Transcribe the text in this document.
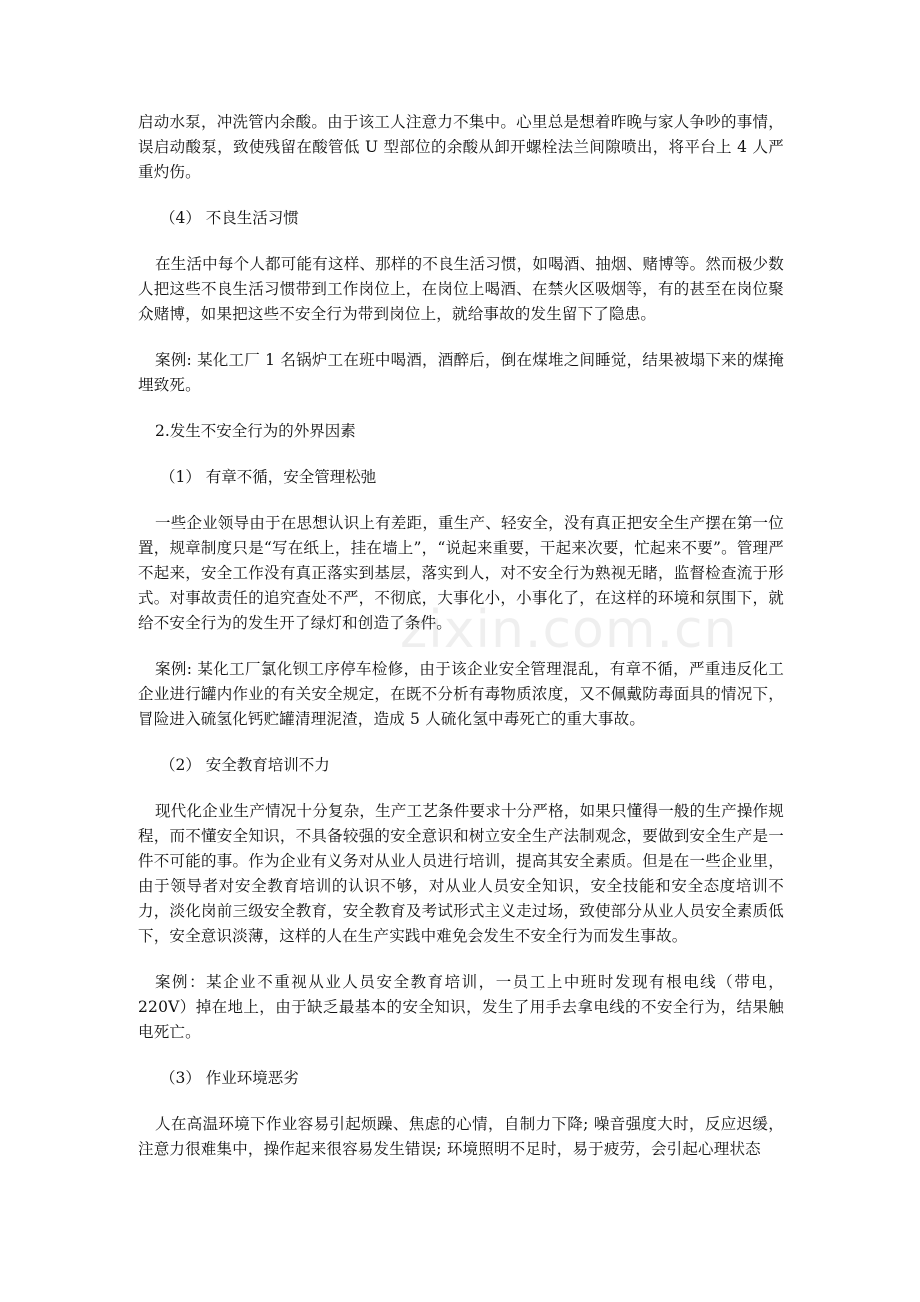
启动水泵，冲洗管内余酸。由于该工人注意力不集中。心里总是想着昨晚与家人争吵的事情，误启动酸泵，致使残留在酸管低 U 型部位的余酸从卸开螺栓法兰间隙喷出，将平台上 4 人严重灼伤。

（4） 不良生活习惯

在生活中每个人都可能有这样、那样的不良生活习惯，如喝酒、抽烟、赌博等。然而极少数人把这些不良生活习惯带到工作岗位上，在岗位上喝酒、在禁火区吸烟等，有的甚至在岗位聚众赌博，如果把这些不安全行为带到岗位上，就给事故的发生留下了隐患。

案例: 某化工厂 1 名锅炉工在班中喝酒，酒醉后，倒在煤堆之间睡觉，结果被塌下来的煤掩埋致死。

2.发生不安全行为的外界因素

（1） 有章不循，安全管理松弛

一些企业领导由于在思想认识上有差距，重生产、轻安全，没有真正把安全生产摆在第一位置，规章制度只是“写在纸上，挂在墙上”，“说起来重要，干起来次要，忙起来不要”。管理严不起来，安全工作没有真正落实到基层，落实到人，对不安全行为熟视无睹，监督检查流于形式。对事故责任的追究查处不严，不彻底，大事化小，小事化了，在这样的环境和氛围下，就给不安全行为的发生开了绿灯和创造了条件。

案例: 某化工厂氯化钡工序停车检修，由于该企业安全管理混乱，有章不循，严重违反化工企业进行罐内作业的有关安全规定，在既不分析有毒物质浓度，又不佩戴防毒面具的情况下，冒险进入硫氢化钙贮罐清理泥渣，造成 5 人硫化氢中毒死亡的重大事故。

（2） 安全教育培训不力

现代化企业生产情况十分复杂，生产工艺条件要求十分严格，如果只懂得一般的生产操作规程，而不懂安全知识，不具备较强的安全意识和树立安全生产法制观念，要做到安全生产是一件不可能的事。作为企业有义务对从业人员进行培训，提高其安全素质。但是在一些企业里，由于领导者对安全教育培训的认识不够，对从业人员安全知识，安全技能和安全态度培训不力，淡化岗前三级安全教育，安全教育及考试形式主义走过场，致使部分从业人员安全素质低下，安全意识淡薄，这样的人在生产实践中难免会发生不安全行为而发生事故。

案例：某企业不重视从业人员安全教育培训，一员工上中班时发现有根电线（带电，220V）掉在地上，由于缺乏最基本的安全知识，发生了用手去拿电线的不安全行为，结果触电死亡。

（3） 作业环境恶劣

人在高温环境下作业容易引起烦躁、焦虑的心情，自制力下降; 噪音强度大时，反应迟缓，注意力很难集中，操作起来很容易发生错误; 环境照明不足时，易于疲劳，会引起心理状态

zixin.com.cn
